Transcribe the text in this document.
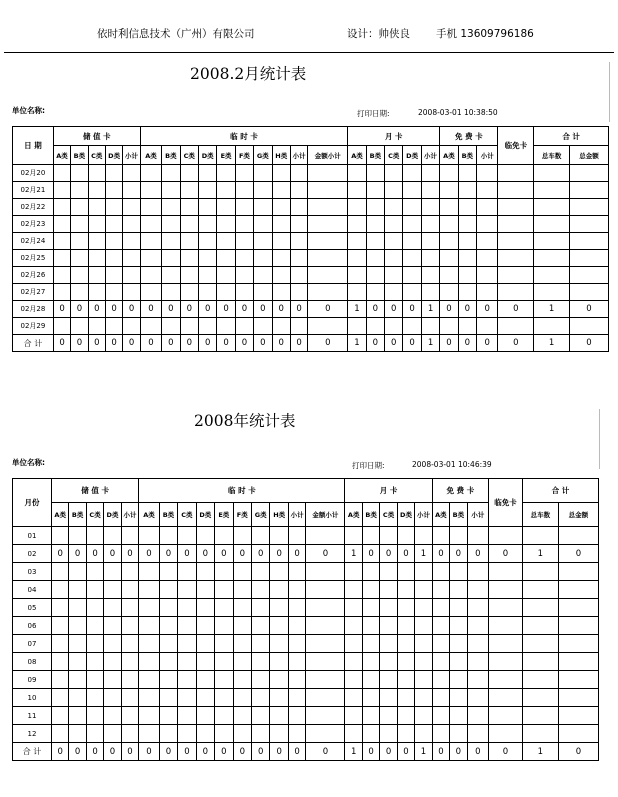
依时利信息技术（广州）有限公司	设计：帅侠良 手机 13609796186
2008.2月统计表
单位名称:	打印日期:	2008-03-01 10:38:50
日 期	储 值 卡					临 时 卡										月 卡					免 费 卡			临免卡	合 计	
	A类	B类	C类	D类	小计	A类	B类	C类	D类	E类	F类	G类	H类	小计	金额小计	A类	B类	C类	D类	小计	A类	B类	小计		总车数	总金额
02月20																										
02月21																										
02月22																										
02月23																										
02月24																										
02月25																										
02月26																										
02月27																										
02月28	0	0	0	0	0	0	0	0	0	0	0	0	0	0	0	1	0	0	0	1	0	0	0	0	1	0
02月29																										
合 计	0	0	0	0	0	0	0	0	0	0	0	0	0	0	0	1	0	0	0	1	0	0	0	0	1	0
2008年统计表
单位名称:	打印日期:	2008-03-01 10:46:39
月份	储 值 卡					临 时 卡										月 卡					免 费 卡			临免卡	合 计	
	A类	B类	C类	D类	小计	A类	B类	C类	D类	E类	F类	G类	H类	小计	金额小计	A类	B类	C类	D类	小计	A类	B类	小计		总车数	总金额
01																										
02	0	0	0	0	0	0	0	0	0	0	0	0	0	0	0	1	0	0	0	1	0	0	0	0	1	0
03																										
04																										
05																										
06																										
07																										
08																										
09																										
10																										
11																										
12																										
合 计	0	0	0	0	0	0	0	0	0	0	0	0	0	0	0	1	0	0	0	1	0	0	0	0	1	0
